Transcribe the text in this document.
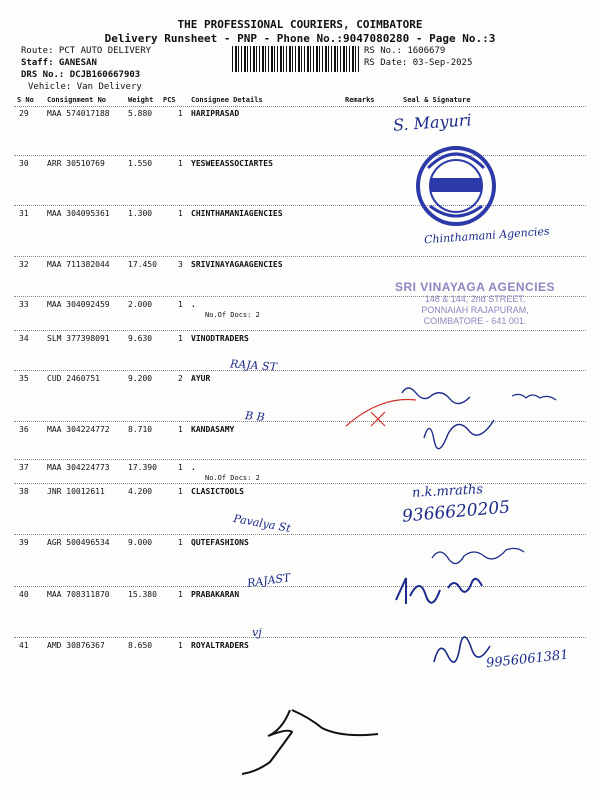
THE PROFESSIONAL COURIERS, COIMBATORE
Delivery Runsheet - PNP - Phone No.:9047080280 - Page No.:3
Route: PCT AUTO DELIVERY
Staff: GANESAN
DRS No.: DCJB160667903
Vehicle: Van Delivery
RS No.: 1606679
RS Date: 03-Sep-2025
S No Consignment No	Weight PCS Consignee Details	Remarks	Seal & Signature
29 MAA 574017188 5.880	1 HARIPRASAD
30 ARR 30510769	1.550	1 YESWEEASSOCIARTES
31 MAA 304095361 1.300	1 CHINTHAMANIAGENCIES
32 MAA 711382044 17.450	3 SRIVINAYAGAAGENCIES
33 MAA 304092459 2.000	1 .
No.Of Docs: 2
34 SLM 377398091 9.630	1 VINODTRADERS
35 CUD 2460751	9.200	2 AYUR
36 MAA 304224772 8.710	1 KANDASAMY
37 MAA 304224773 17.390	1 .
No.Of Docs: 2
38 JNR 10012611	4.200	1 CLASICTOOLS
39 AGR 500496534 9.000	1 QUTEFASHIONS
40 MAA 708311870 15.380	1 PRABAKARAN
41 AMD 30876367	8.650	1 ROYALTRADERS
S. Mayuri
RAJA ST
B B
Pavalya St
RAJAST
vj
n.k.mraths
9366620205
9956061381
Chinthamani Agencies
SRI VINAYAGA AGENCIES
148 & 144, 2nd STREET,
PONNAIAH RAJAPURAM,
COIMBATORE - 641 001.
